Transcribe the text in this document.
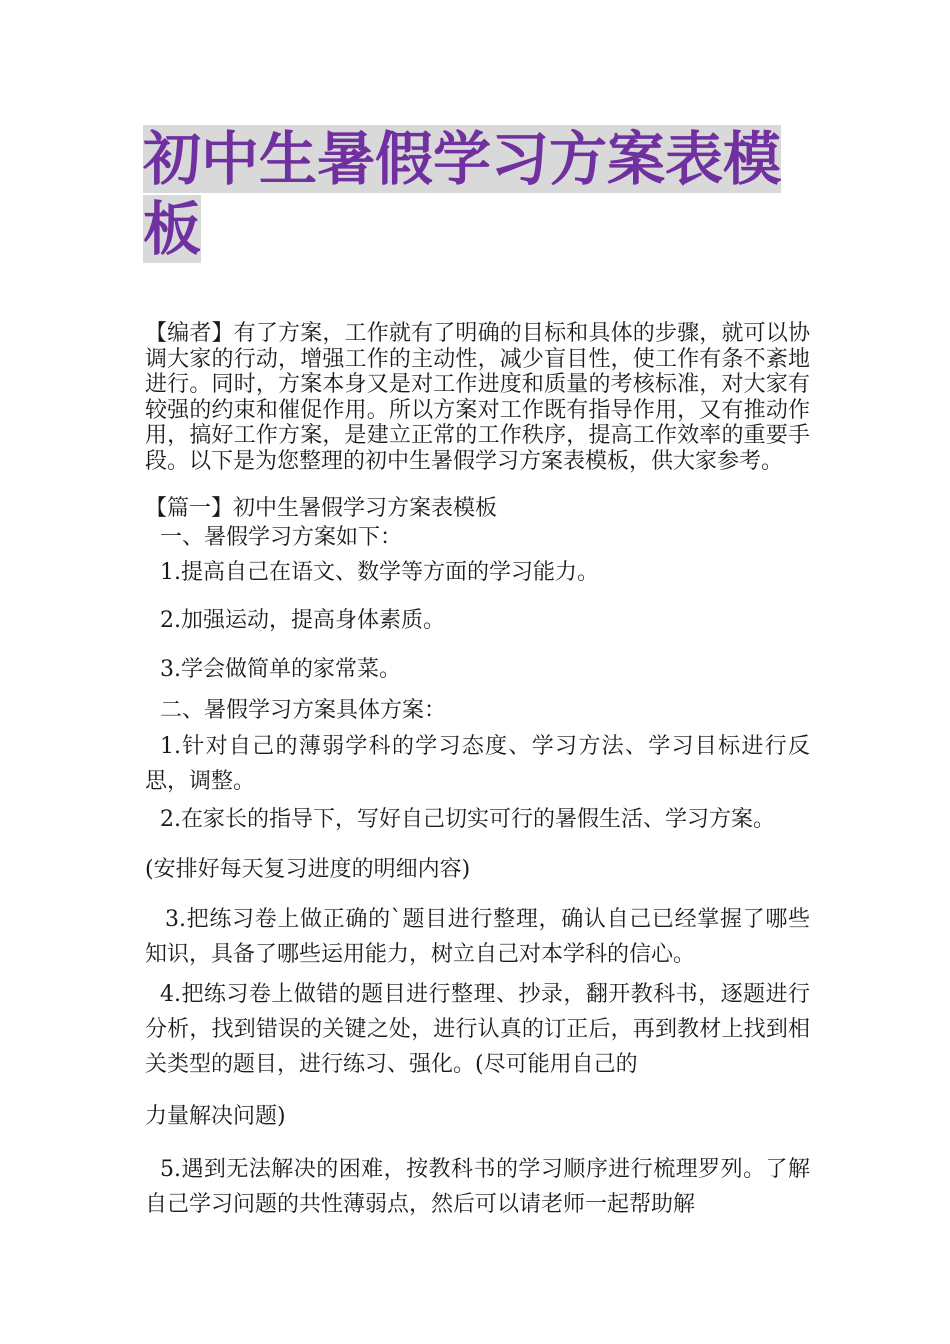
初中生暑假学习方案表模板

【编者】有了方案，工作就有了明确的目标和具体的步骤，就可以协调大家的行动，增强工作的主动性，减少盲目性，使工作有条不紊地进行。同时，方案本身又是对工作进度和质量的考核标准，对大家有较强的约束和催促作用。所以方案对工作既有指导作用，又有推动作用，搞好工作方案，是建立正常的工作秩序，提高工作效率的重要手段。以下是为您整理的初中生暑假学习方案表模板，供大家参考。

【篇一】初中生暑假学习方案表模板

一、暑假学习方案如下：

1.提高自己在语文、数学等方面的学习能力。

2.加强运动，提高身体素质。

3.学会做简单的家常菜。

二、暑假学习方案具体方案：

1.针对自己的薄弱学科的学习态度、学习方法、学习目标进行反思，调整。

2.在家长的指导下，写好自己切实可行的暑假生活、学习方案。

(安排好每天复习进度的明细内容)

3.把练习卷上做正确的`题目进行整理，确认自己已经掌握了哪些知识，具备了哪些运用能力，树立自己对本学科的信心。

4.把练习卷上做错的题目进行整理、抄录，翻开教科书，逐题进行分析，找到错误的关键之处，进行认真的订正后，再到教材上找到相关类型的题目，进行练习、强化。(尽可能用自己的

力量解决问题)

5.遇到无法解决的困难，按教科书的学习顺序进行梳理罗列。了解自己学习问题的共性薄弱点，然后可以请老师一起帮助解
